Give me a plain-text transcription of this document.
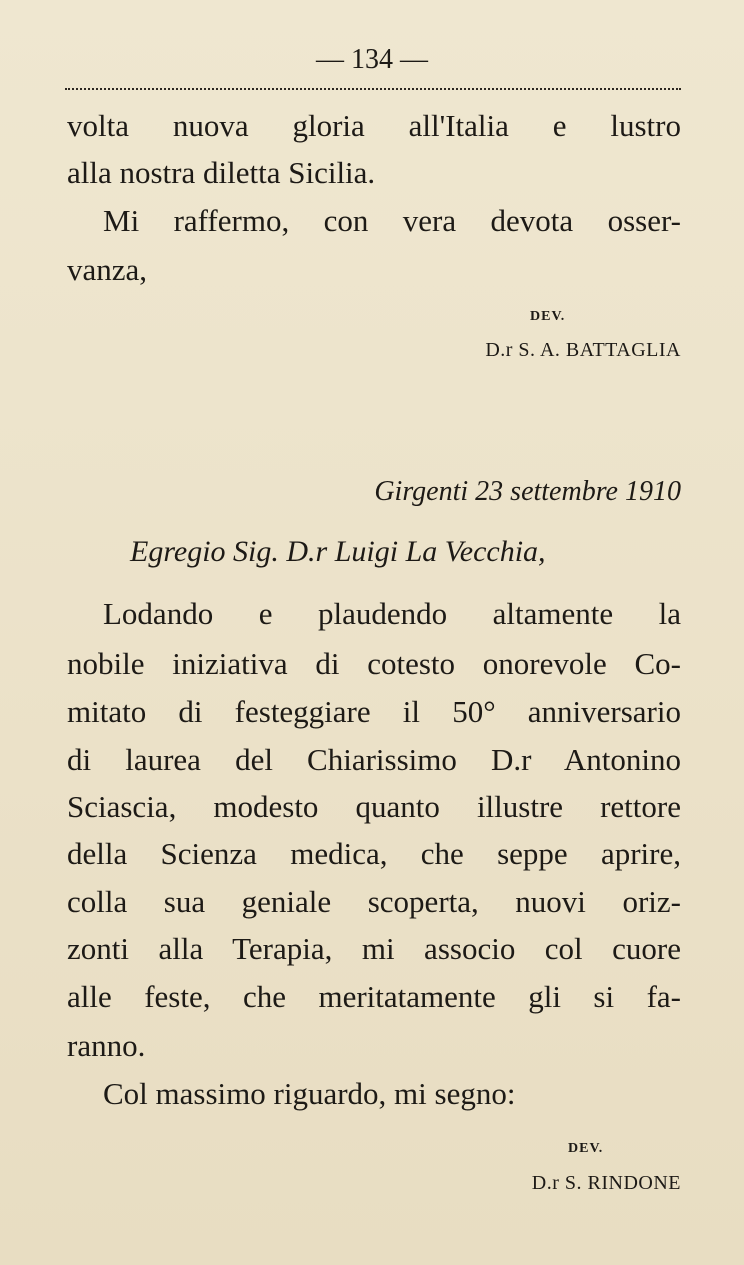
— 134 —
volta nuova gloria all'Italia e lustro
alla nostra diletta Sicilia.
Mi raffermo, con vera devota osser-
vanza,
DEV.
D.r S. A. BATTAGLIA
Girgenti 23 settembre 1910
Egregio Sig. D.r Luigi La Vecchia,
Lodando e plaudendo altamente la
nobile iniziativa di cotesto onorevole Co-
mitato di festeggiare il 50° anniversario
di laurea del Chiarissimo D.r Antonino
Sciascia, modesto quanto illustre rettore
della Scienza medica, che seppe aprire,
colla sua geniale scoperta, nuovi oriz-
zonti alla Terapia, mi associo col cuore
alle feste, che meritatamente gli si fa-
ranno.
Col massimo riguardo, mi segno:
DEV.
D.r S. RINDONE
